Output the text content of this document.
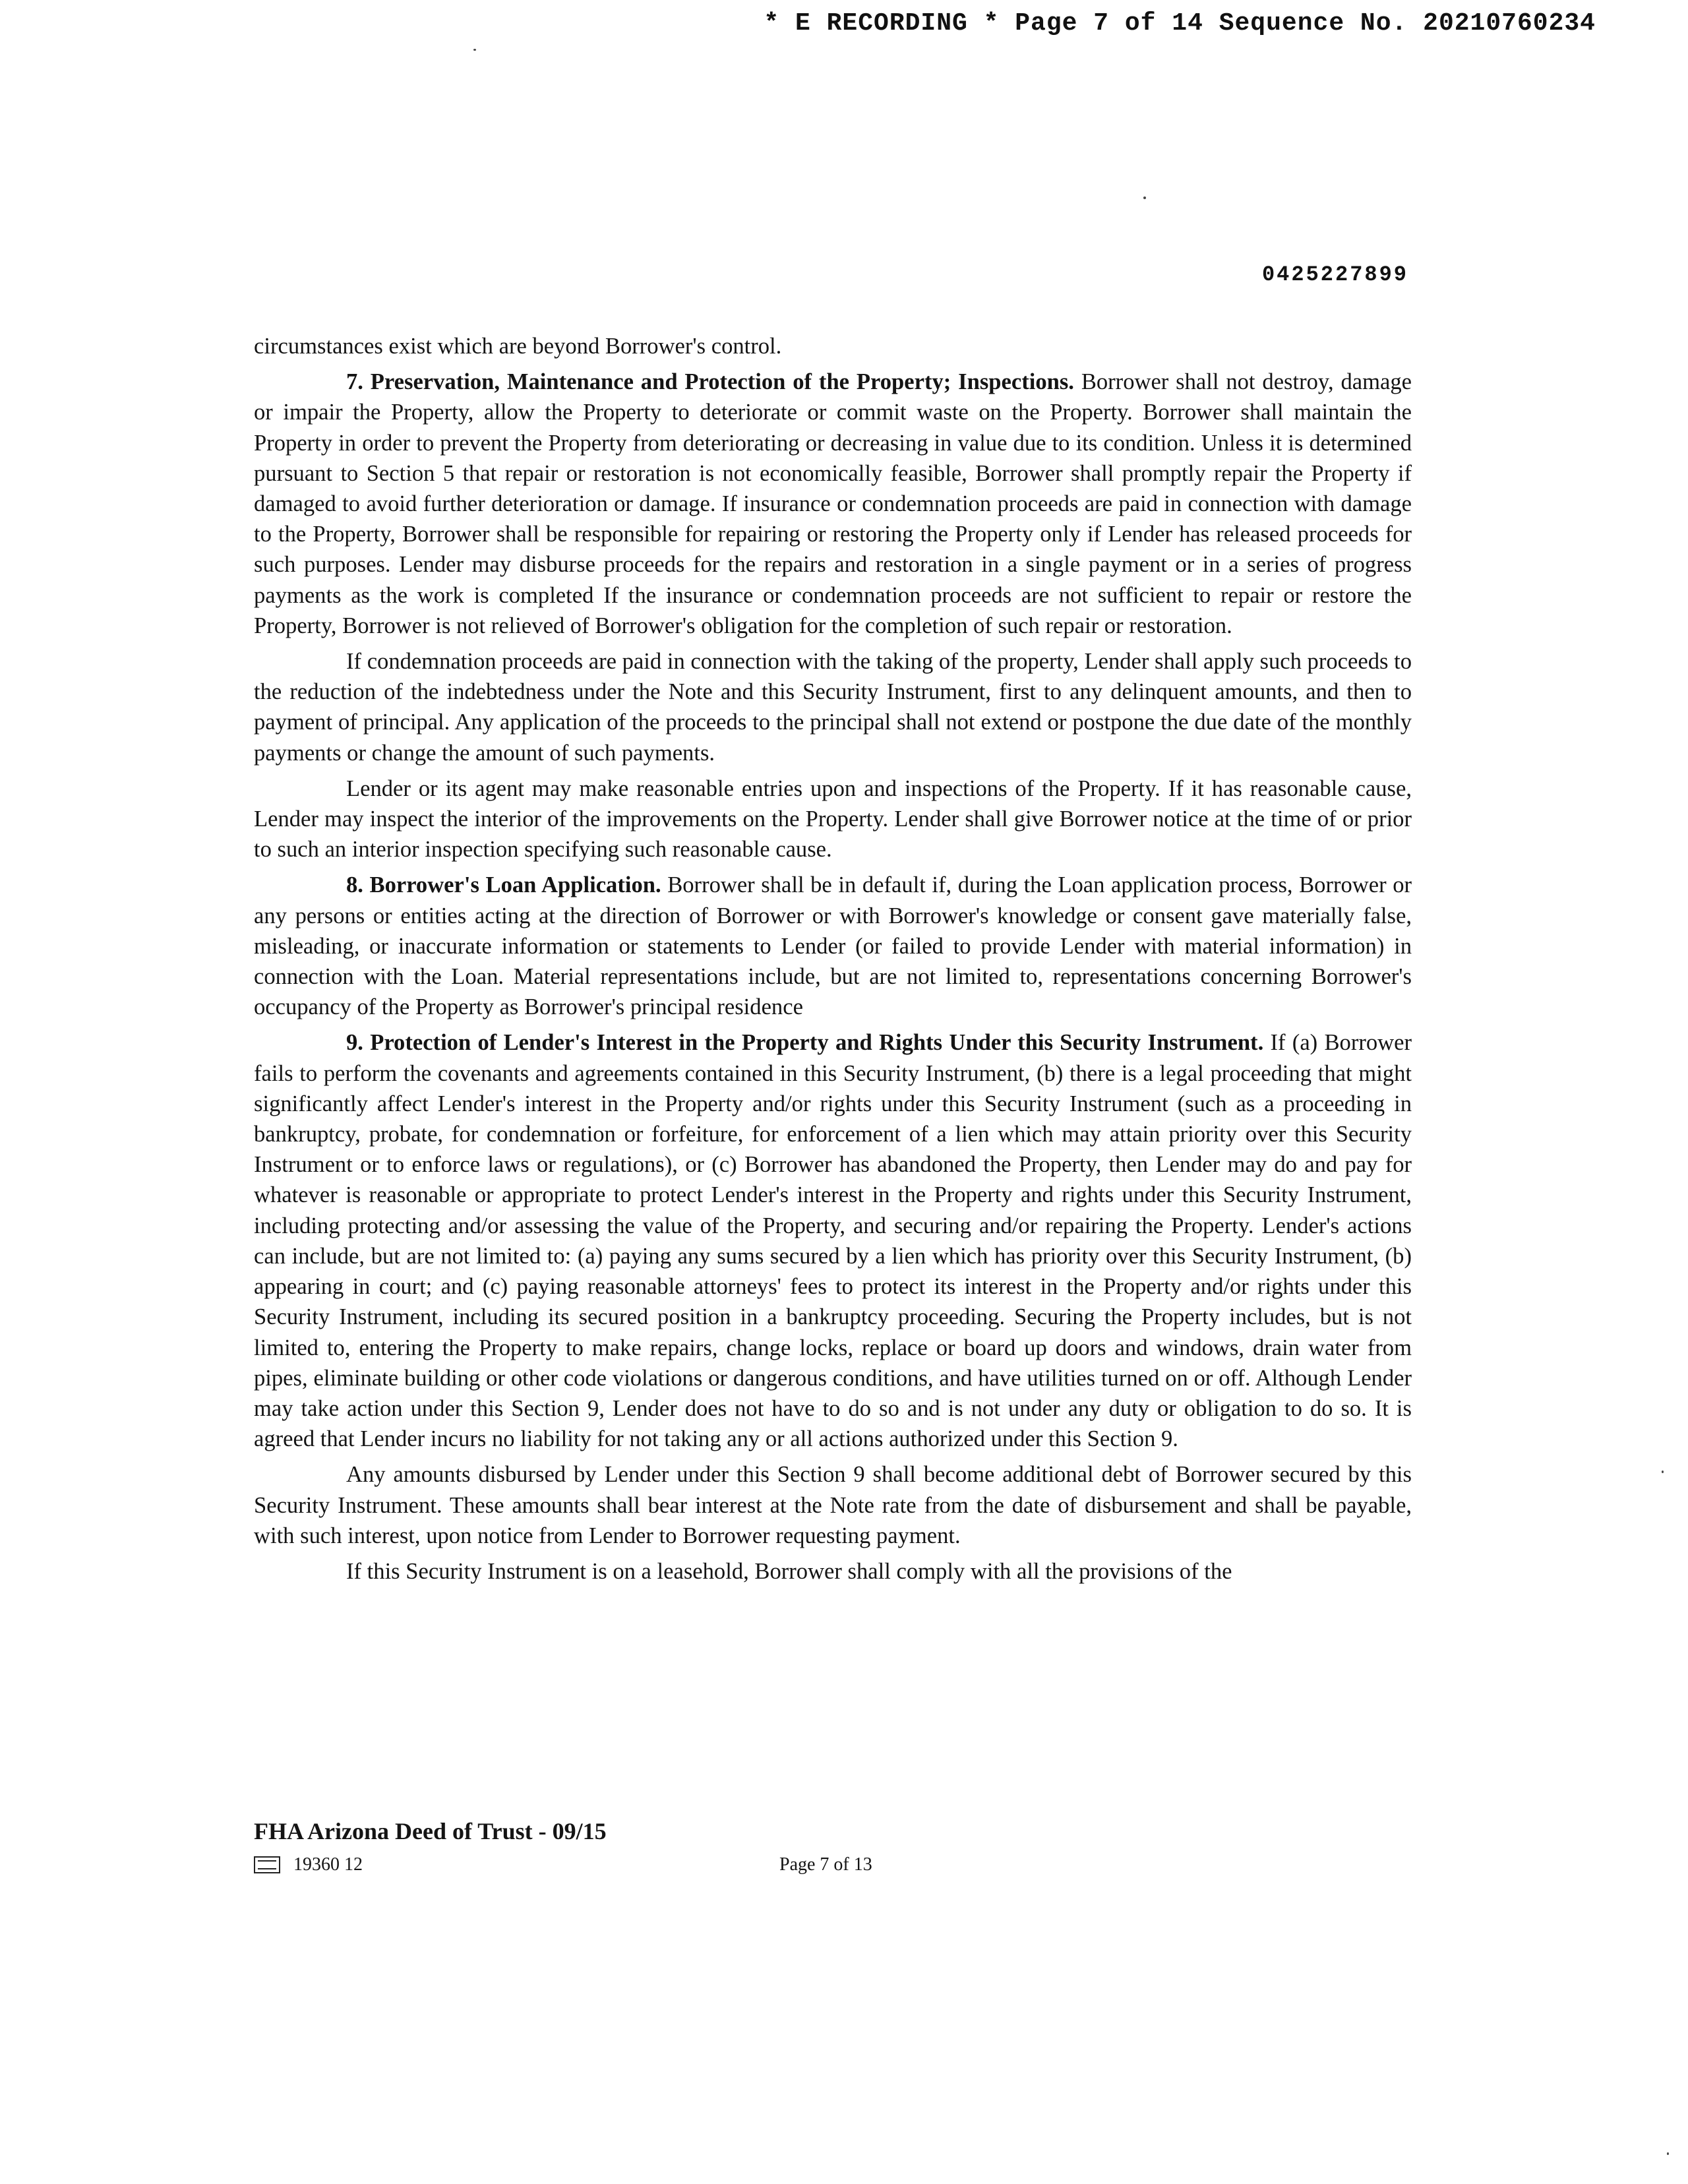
* E RECORDING * Page 7 of 14 Sequence No. 20210760234
0425227899

circumstances exist which are beyond Borrower's control.

7. Preservation, Maintenance and Protection of the Property; Inspections. Borrower shall not destroy, damage or impair the Property, allow the Property to deteriorate or commit waste on the Property. Borrower shall maintain the Property in order to prevent the Property from deteriorating or decreasing in value due to its condition. Unless it is determined pursuant to Section 5 that repair or restoration is not economically feasible, Borrower shall promptly repair the Property if damaged to avoid further deterioration or damage. If insurance or condemnation proceeds are paid in connection with damage to the Property, Borrower shall be responsible for repairing or restoring the Property only if Lender has released proceeds for such purposes. Lender may disburse proceeds for the repairs and restoration in a single payment or in a series of progress payments as the work is completed If the insurance or condemnation proceeds are not sufficient to repair or restore the Property, Borrower is not relieved of Borrower's obligation for the completion of such repair or restoration.

If condemnation proceeds are paid in connection with the taking of the property, Lender shall apply such proceeds to the reduction of the indebtedness under the Note and this Security Instrument, first to any delinquent amounts, and then to payment of principal. Any application of the proceeds to the principal shall not extend or postpone the due date of the monthly payments or change the amount of such payments.

Lender or its agent may make reasonable entries upon and inspections of the Property. If it has reasonable cause, Lender may inspect the interior of the improvements on the Property. Lender shall give Borrower notice at the time of or prior to such an interior inspection specifying such reasonable cause.

8. Borrower's Loan Application. Borrower shall be in default if, during the Loan application process, Borrower or any persons or entities acting at the direction of Borrower or with Borrower's knowledge or consent gave materially false, misleading, or inaccurate information or statements to Lender (or failed to provide Lender with material information) in connection with the Loan. Material representations include, but are not limited to, representations concerning Borrower's occupancy of the Property as Borrower's principal residence

9. Protection of Lender's Interest in the Property and Rights Under this Security Instrument. If (a) Borrower fails to perform the covenants and agreements contained in this Security Instrument, (b) there is a legal proceeding that might significantly affect Lender's interest in the Property and/or rights under this Security Instrument (such as a proceeding in bankruptcy, probate, for condemnation or forfeiture, for enforcement of a lien which may attain priority over this Security Instrument or to enforce laws or regulations), or (c) Borrower has abandoned the Property, then Lender may do and pay for whatever is reasonable or appropriate to protect Lender's interest in the Property and rights under this Security Instrument, including protecting and/or assessing the value of the Property, and securing and/or repairing the Property. Lender's actions can include, but are not limited to: (a) paying any sums secured by a lien which has priority over this Security Instrument, (b) appearing in court; and (c) paying reasonable attorneys' fees to protect its interest in the Property and/or rights under this Security Instrument, including its secured position in a bankruptcy proceeding. Securing the Property includes, but is not limited to, entering the Property to make repairs, change locks, replace or board up doors and windows, drain water from pipes, eliminate building or other code violations or dangerous conditions, and have utilities turned on or off. Although Lender may take action under this Section 9, Lender does not have to do so and is not under any duty or obligation to do so. It is agreed that Lender incurs no liability for not taking any or all actions authorized under this Section 9.

Any amounts disbursed by Lender under this Section 9 shall become additional debt of Borrower secured by this Security Instrument. These amounts shall bear interest at the Note rate from the date of disbursement and shall be payable, with such interest, upon notice from Lender to Borrower requesting payment.

If this Security Instrument is on a leasehold, Borrower shall comply with all the provisions of the

FHA Arizona Deed of Trust - 09/15
19360 12	Page 7 of 13
